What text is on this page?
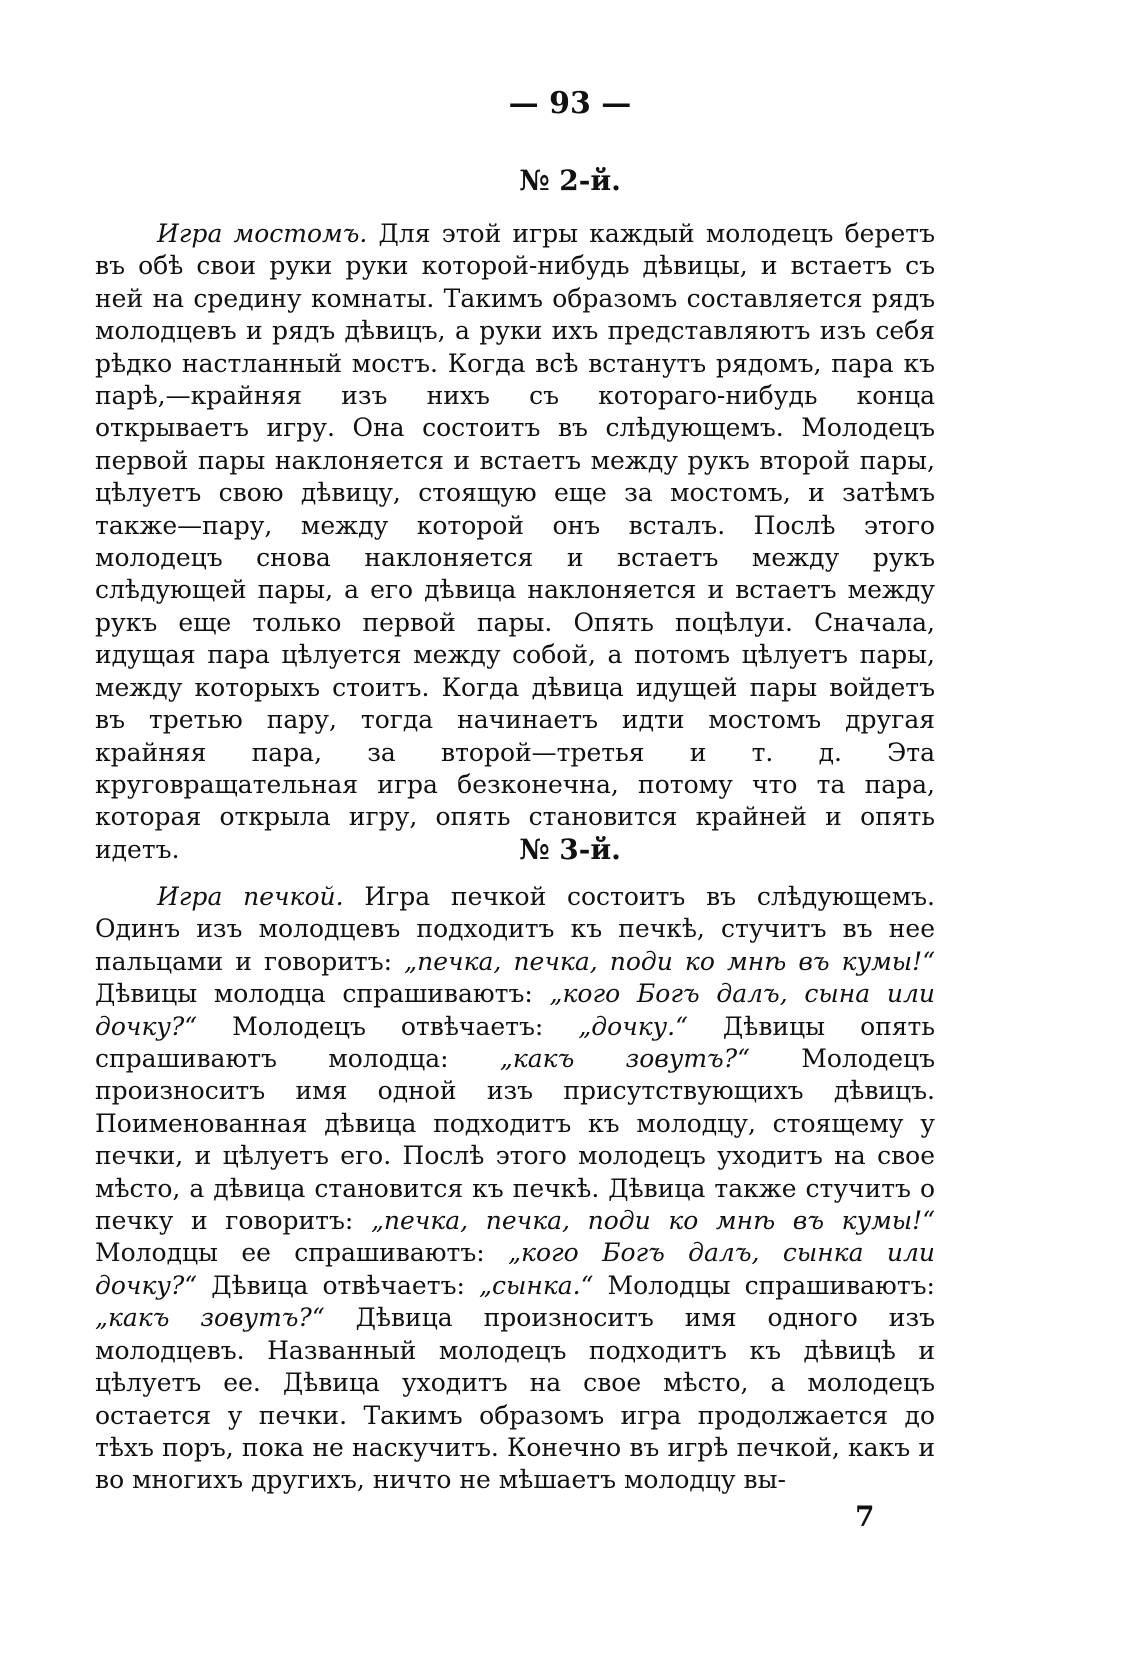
— 93 —

№ 2-й.

Игра мостомъ. Для этой игры каждый молодецъ беретъ въ обѣ свои руки руки которой-нибудь дѣвицы, и встаетъ съ ней на средину комнаты. Такимъ образомъ составляется рядъ молодцевъ и рядъ дѣвицъ, а руки ихъ представляютъ изъ себя рѣдко настланный мостъ. Когда всѣ встанутъ рядомъ, пара къ парѣ,—крайняя изъ нихъ съ котораго-нибудь конца открываетъ игру. Она состоитъ въ слѣдующемъ. Молодецъ первой пары наклоняется и встаетъ между рукъ второй пары, цѣлуетъ свою дѣвицу, стоящую еще за мостомъ, и затѣмъ также—пару, между которой онъ всталъ. Послѣ этого молодецъ снова наклоняется и встаетъ между рукъ слѣдующей пары, а его дѣвица наклоняется и встаетъ между рукъ еще только первой пары. Опять поцѣлуи. Сначала, идущая пара цѣлуется между собой, а потомъ цѣлуетъ пары, между которыхъ стоитъ. Когда дѣвица идущей пары войдетъ въ третью пару, тогда начинаетъ идти мостомъ другая крайняя пара, за второй—третья и т. д. Эта круговращательная игра безконечна, потому что та пара, которая открыла игру, опять становится крайней и опять идетъ.	№ 3-й.

Игра печкой. Игра печкой состоитъ въ слѣдующемъ. Одинъ изъ молодцевъ подходитъ къ печкѣ, стучитъ въ нее пальцами и говоритъ: „печка, печка, поди ко мнѣ въ кумы!“ Дѣвицы молодца спрашиваютъ: „кого Богъ далъ, сына или дочку?“ Молодецъ отвѣчаетъ: „дочку.“ Дѣвицы опять спрашиваютъ молодца: „какъ зовутъ?“ Молодецъ произноситъ имя одной изъ присутствующихъ дѣвицъ. Поименованная дѣвица подходитъ къ молодцу, стоящему у печки, и цѣлуетъ его. Послѣ этого молодецъ уходитъ на свое мѣсто, а дѣвица становится къ печкѣ. Дѣвица также стучитъ о печку и говоритъ: „печка, печка, поди ко мнѣ въ кумы!“ Молодцы ее спрашиваютъ: „кого Богъ далъ, сынка или дочку?“ Дѣвица отвѣчаетъ: „сынка.“ Молодцы спрашиваютъ: „какъ зовутъ?“ Дѣвица произноситъ имя одного изъ молодцевъ. Названный молодецъ подходитъ къ дѣвицѣ и цѣлуетъ ее. Дѣвица уходитъ на свое мѣсто, а молодецъ остается у печки. Такимъ образомъ игра продолжается до тѣхъ поръ, пока не наскучитъ. Конечно въ игрѣ печкой, какъ и во многихъ другихъ, ничто не мѣшаетъ молодцу вы-

7
